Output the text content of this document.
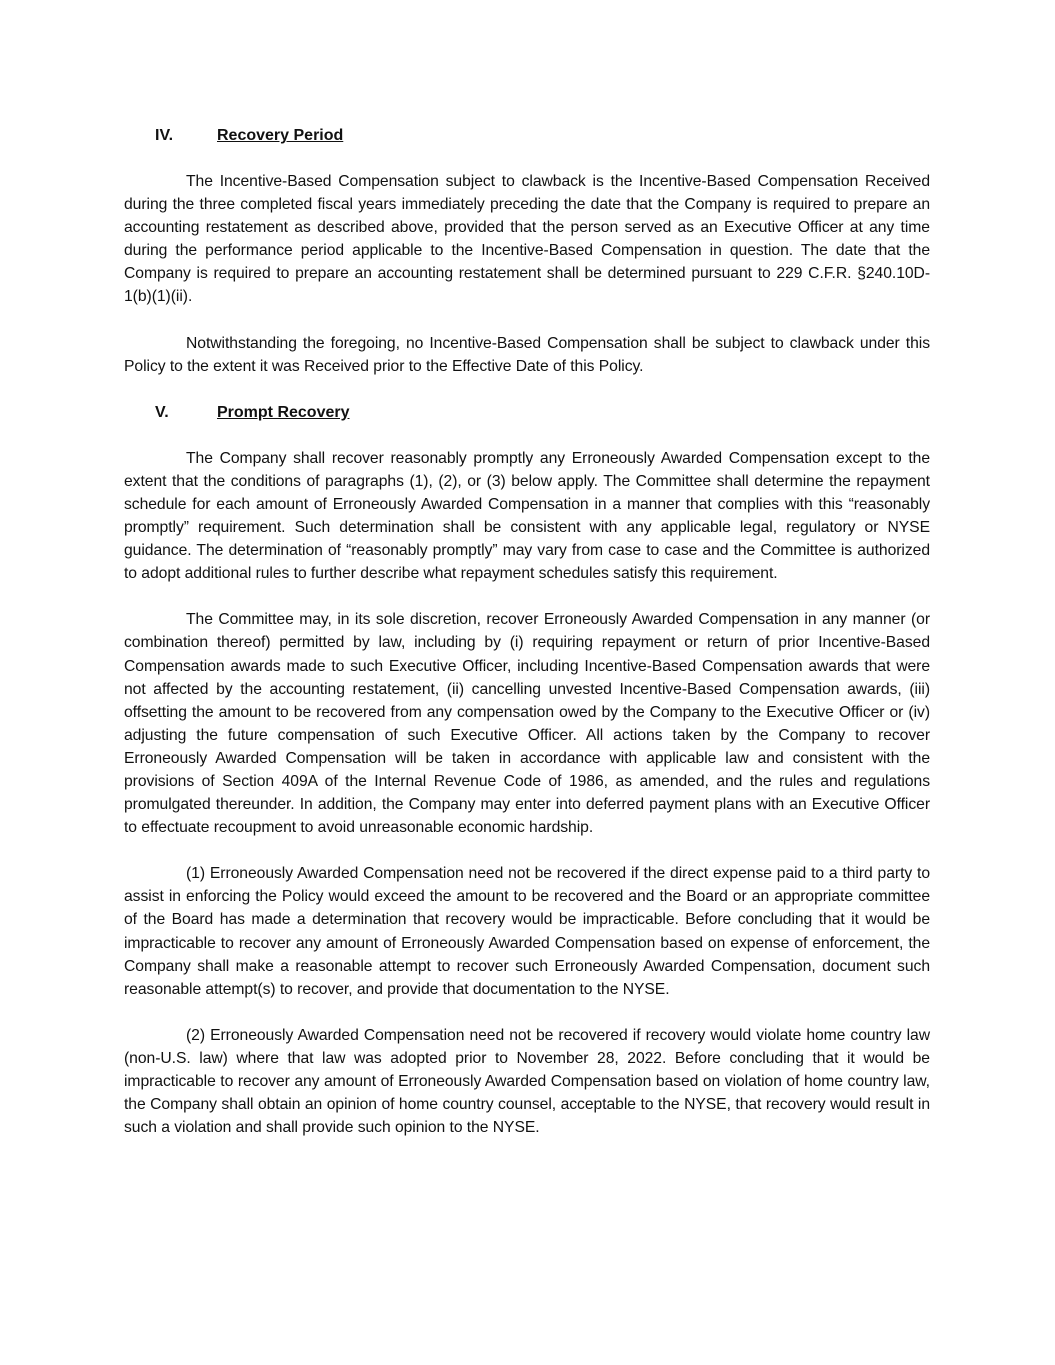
IV.	Recovery Period

The Incentive-Based Compensation subject to clawback is the Incentive-Based Compensation Received during the three completed fiscal years immediately preceding the date that the Company is required to prepare an accounting restatement as described above, provided that the person served as an Executive Officer at any time during the performance period applicable to the Incentive-Based Compensation in question. The date that the Company is required to prepare an accounting restatement shall be determined pursuant to 229 C.F.R. §240.10D-1(b)(1)(ii).

Notwithstanding the foregoing, no Incentive-Based Compensation shall be subject to clawback under this Policy to the extent it was Received prior to the Effective Date of this Policy.

V.	Prompt Recovery

The Company shall recover reasonably promptly any Erroneously Awarded Compensation except to the extent that the conditions of paragraphs (1), (2), or (3) below apply. The Committee shall determine the repayment schedule for each amount of Erroneously Awarded Compensation in a manner that complies with this “reasonably promptly” requirement. Such determination shall be consistent with any applicable legal, regulatory or NYSE guidance. The determination of “reasonably promptly” may vary from case to case and the Committee is authorized to adopt additional rules to further describe what repayment schedules satisfy this requirement.

The Committee may, in its sole discretion, recover Erroneously Awarded Compensation in any manner (or combination thereof) permitted by law, including by (i) requiring repayment or return of prior Incentive-Based Compensation awards made to such Executive Officer, including Incentive-Based Compensation awards that were not affected by the accounting restatement, (ii) cancelling unvested Incentive-Based Compensation awards, (iii) offsetting the amount to be recovered from any compensation owed by the Company to the Executive Officer or (iv) adjusting the future compensation of such Executive Officer. All actions taken by the Company to recover Erroneously Awarded Compensation will be taken in accordance with applicable law and consistent with the provisions of Section 409A of the Internal Revenue Code of 1986, as amended, and the rules and regulations promulgated thereunder. In addition, the Company may enter into deferred payment plans with an Executive Officer to effectuate recoupment to avoid unreasonable economic hardship.

(1) Erroneously Awarded Compensation need not be recovered if the direct expense paid to a third party to assist in enforcing the Policy would exceed the amount to be recovered and the Board or an appropriate committee of the Board has made a determination that recovery would be impracticable. Before concluding that it would be impracticable to recover any amount of Erroneously Awarded Compensation based on expense of enforcement, the Company shall make a reasonable attempt to recover such Erroneously Awarded Compensation, document such reasonable attempt(s) to recover, and provide that documentation to the NYSE.

(2) Erroneously Awarded Compensation need not be recovered if recovery would violate home country law (non-U.S. law) where that law was adopted prior to November 28, 2022. Before concluding that it would be impracticable to recover any amount of Erroneously Awarded Compensation based on violation of home country law, the Company shall obtain an opinion of home country counsel, acceptable to the NYSE, that recovery would result in such a violation and shall provide such opinion to the NYSE.
